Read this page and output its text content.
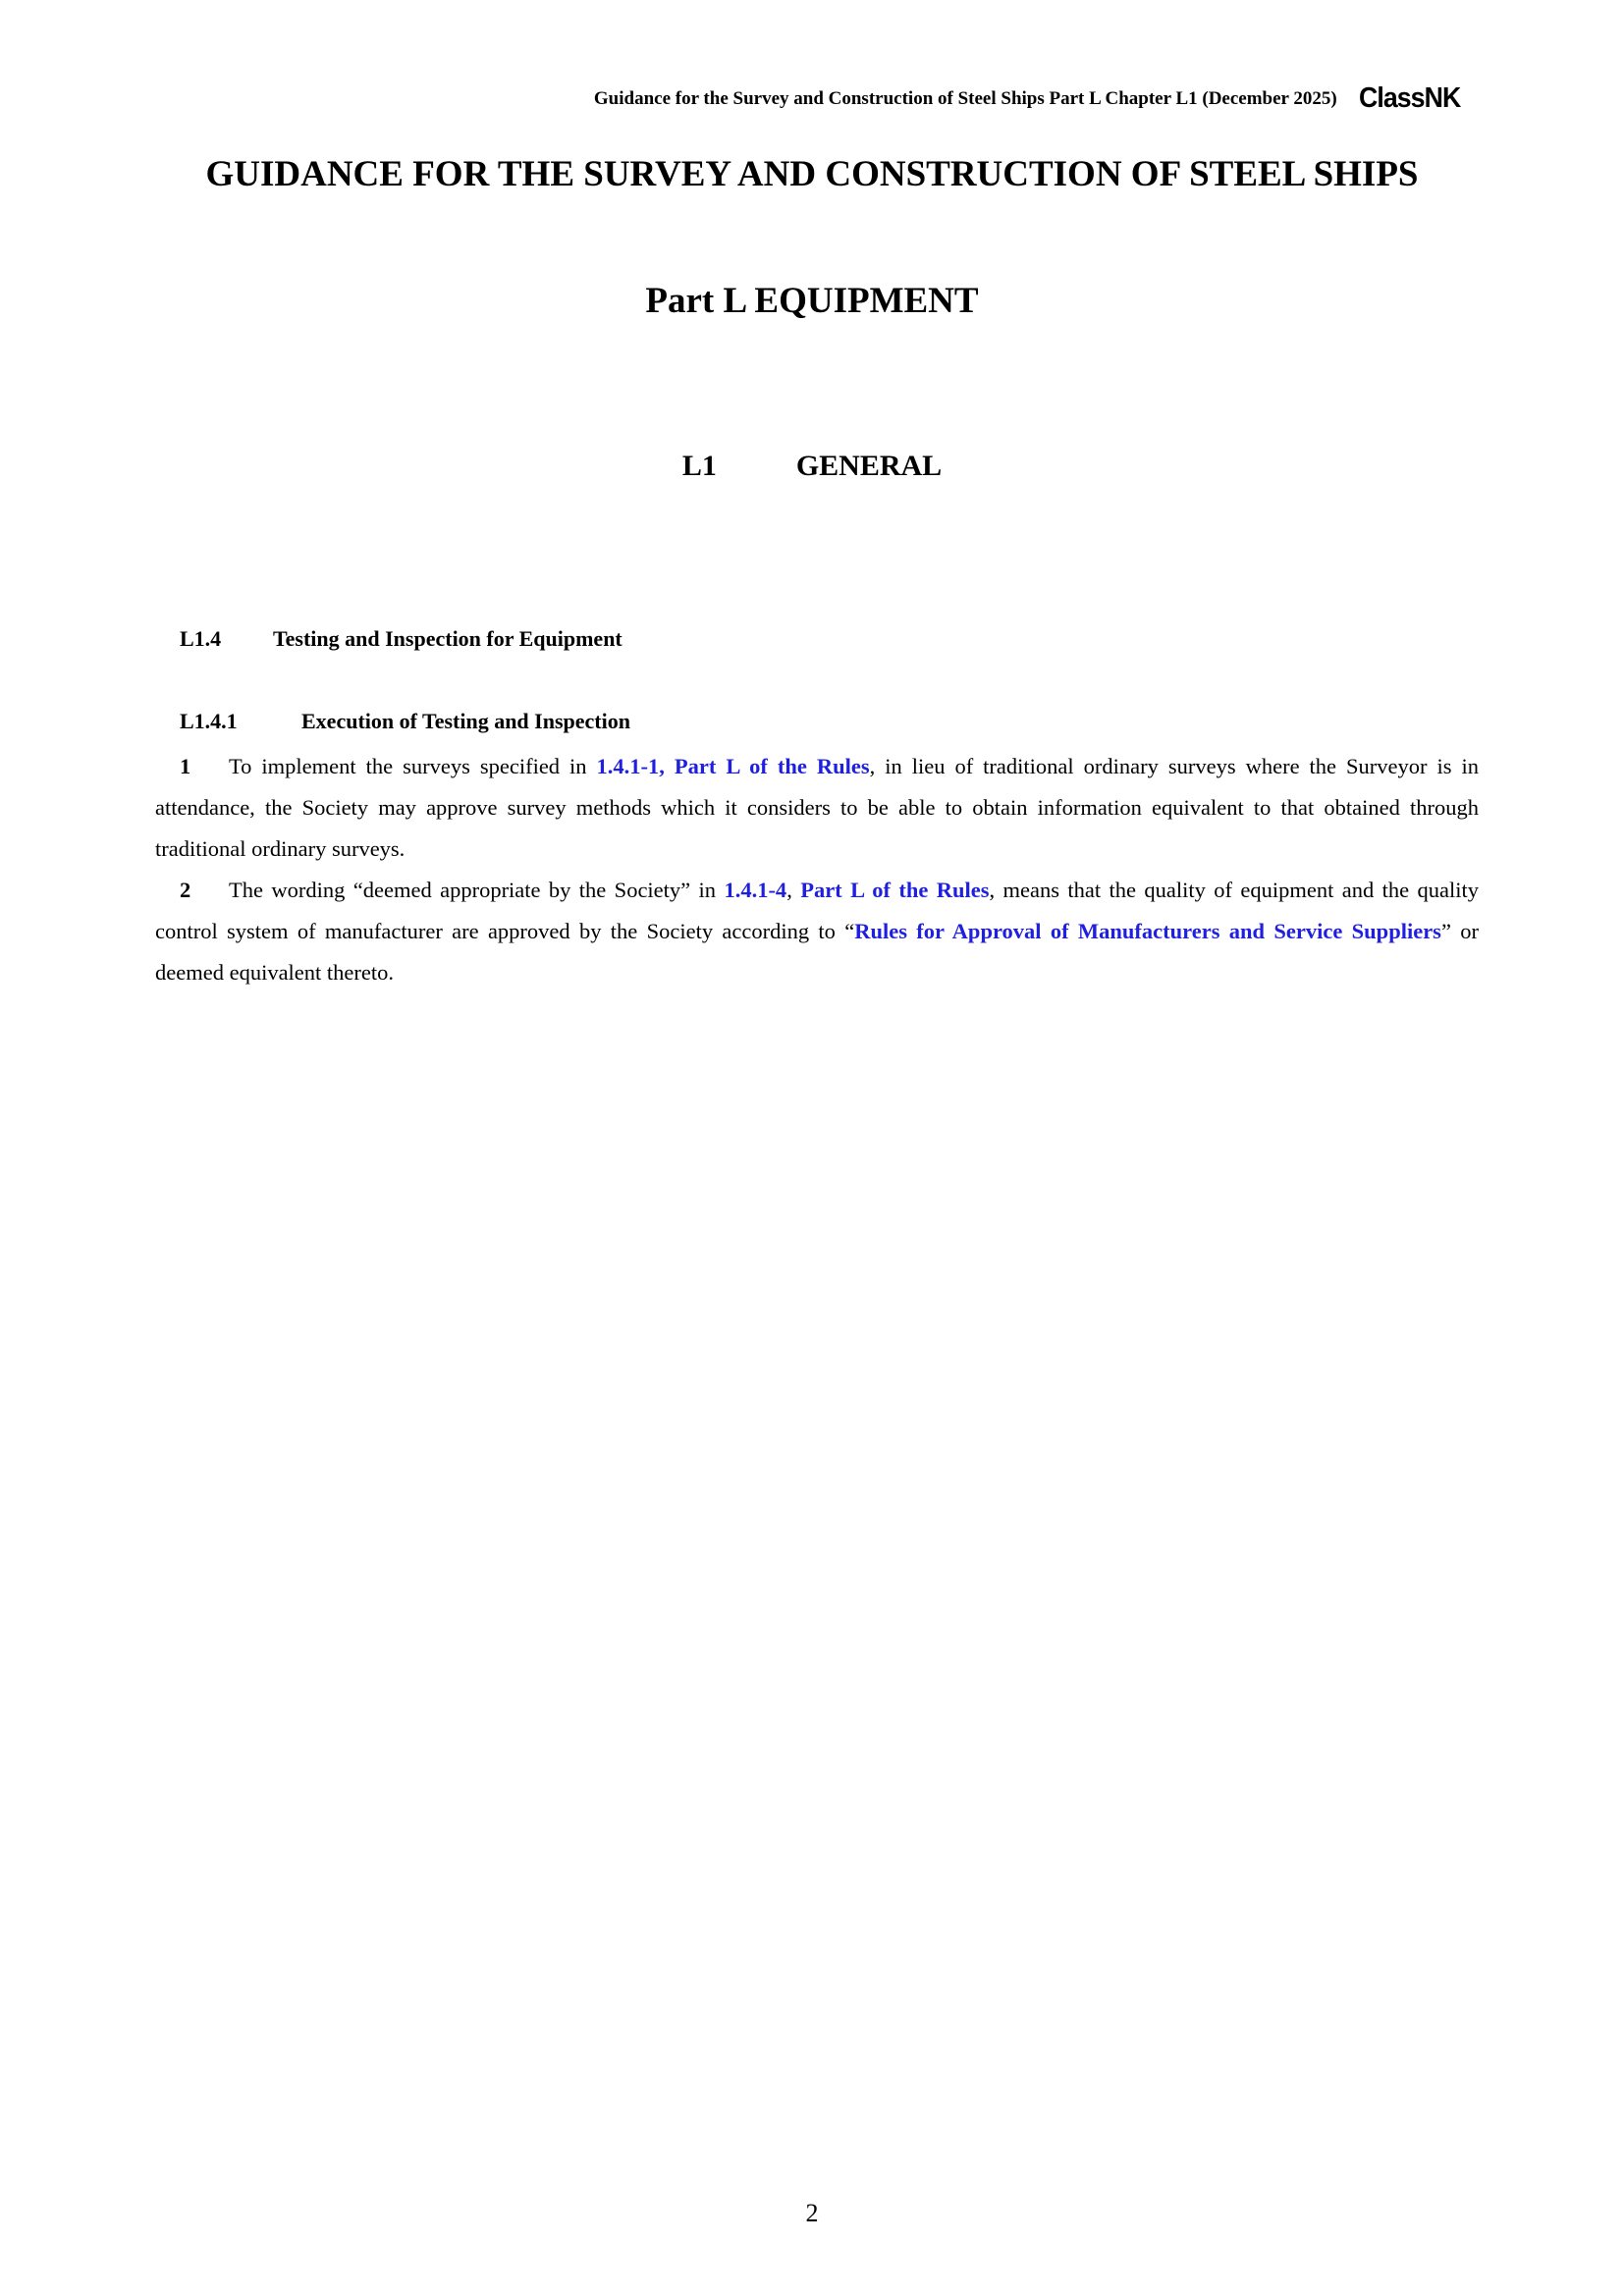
Guidance for the Survey and Construction of Steel Ships Part L Chapter L1 (December 2025) ClassNK
GUIDANCE FOR THE SURVEY AND CONSTRUCTION OF STEEL SHIPS
Part L EQUIPMENT
L1	GENERAL
L1.4 Testing and Inspection for Equipment
L1.4.1	Execution of Testing and Inspection

1 To implement the surveys specified in 1.4.1-1, Part L of the Rules, in lieu of traditional ordinary surveys where the Surveyor is in attendance, the Society may approve survey methods which it considers to be able to obtain information equivalent to that obtained through traditional ordinary surveys.

2 The wording “deemed appropriate by the Society” in 1.4.1-4, Part L of the Rules, means that the quality of equipment and the quality control system of manufacturer are approved by the Society according to “Rules for Approval of Manufacturers and Service Suppliers” or deemed equivalent thereto.

2
